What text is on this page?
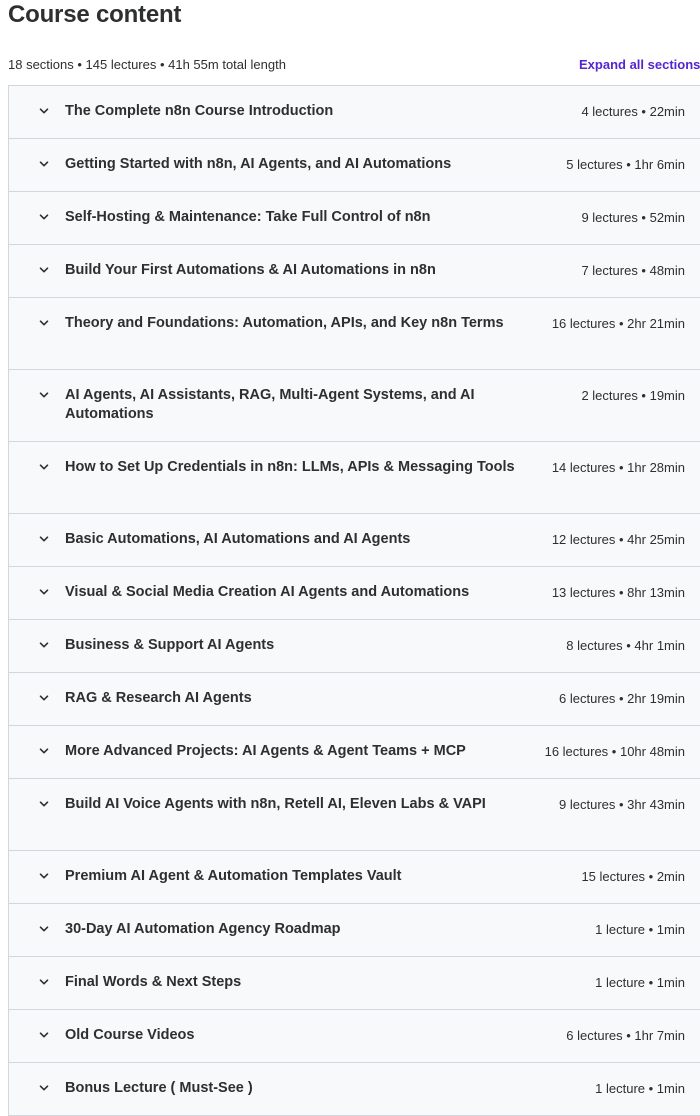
Course content
18 sections • 145 lectures • 41h 55m total length	Expand all sections
The Complete n8n Course Introduction	4 lectures • 22min
Getting Started with n8n, AI Agents, and AI Automations	5 lectures • 1hr 6min
Self-Hosting & Maintenance: Take Full Control of n8n	9 lectures • 52min
Build Your First Automations & AI Automations in n8n	7 lectures • 48min
Theory and Foundations: Automation, APIs, and Key n8n Terms	16 lectures • 2hr 21min
AI Agents, AI Assistants, RAG, Multi-Agent Systems, and AI Automations
2 lectures • 19min
How to Set Up Credentials in n8n: LLMs, APIs & Messaging Tools	14 lectures • 1hr 28min
Basic Automations, AI Automations and AI Agents	12 lectures • 4hr 25min
Visual & Social Media Creation AI Agents and Automations	13 lectures • 8hr 13min
Business & Support AI Agents	8 lectures • 4hr 1min
RAG & Research AI Agents	6 lectures • 2hr 19min
More Advanced Projects: AI Agents & Agent Teams + MCP	16 lectures • 10hr 48min
Build AI Voice Agents with n8n, Retell AI, Eleven Labs & VAPI	9 lectures • 3hr 43min
Premium AI Agent & Automation Templates Vault	15 lectures • 2min
30-Day AI Automation Agency Roadmap	1 lecture • 1min
Final Words & Next Steps	1 lecture • 1min
Old Course Videos	6 lectures • 1hr 7min
Bonus Lecture ( Must-See )	1 lecture • 1min
